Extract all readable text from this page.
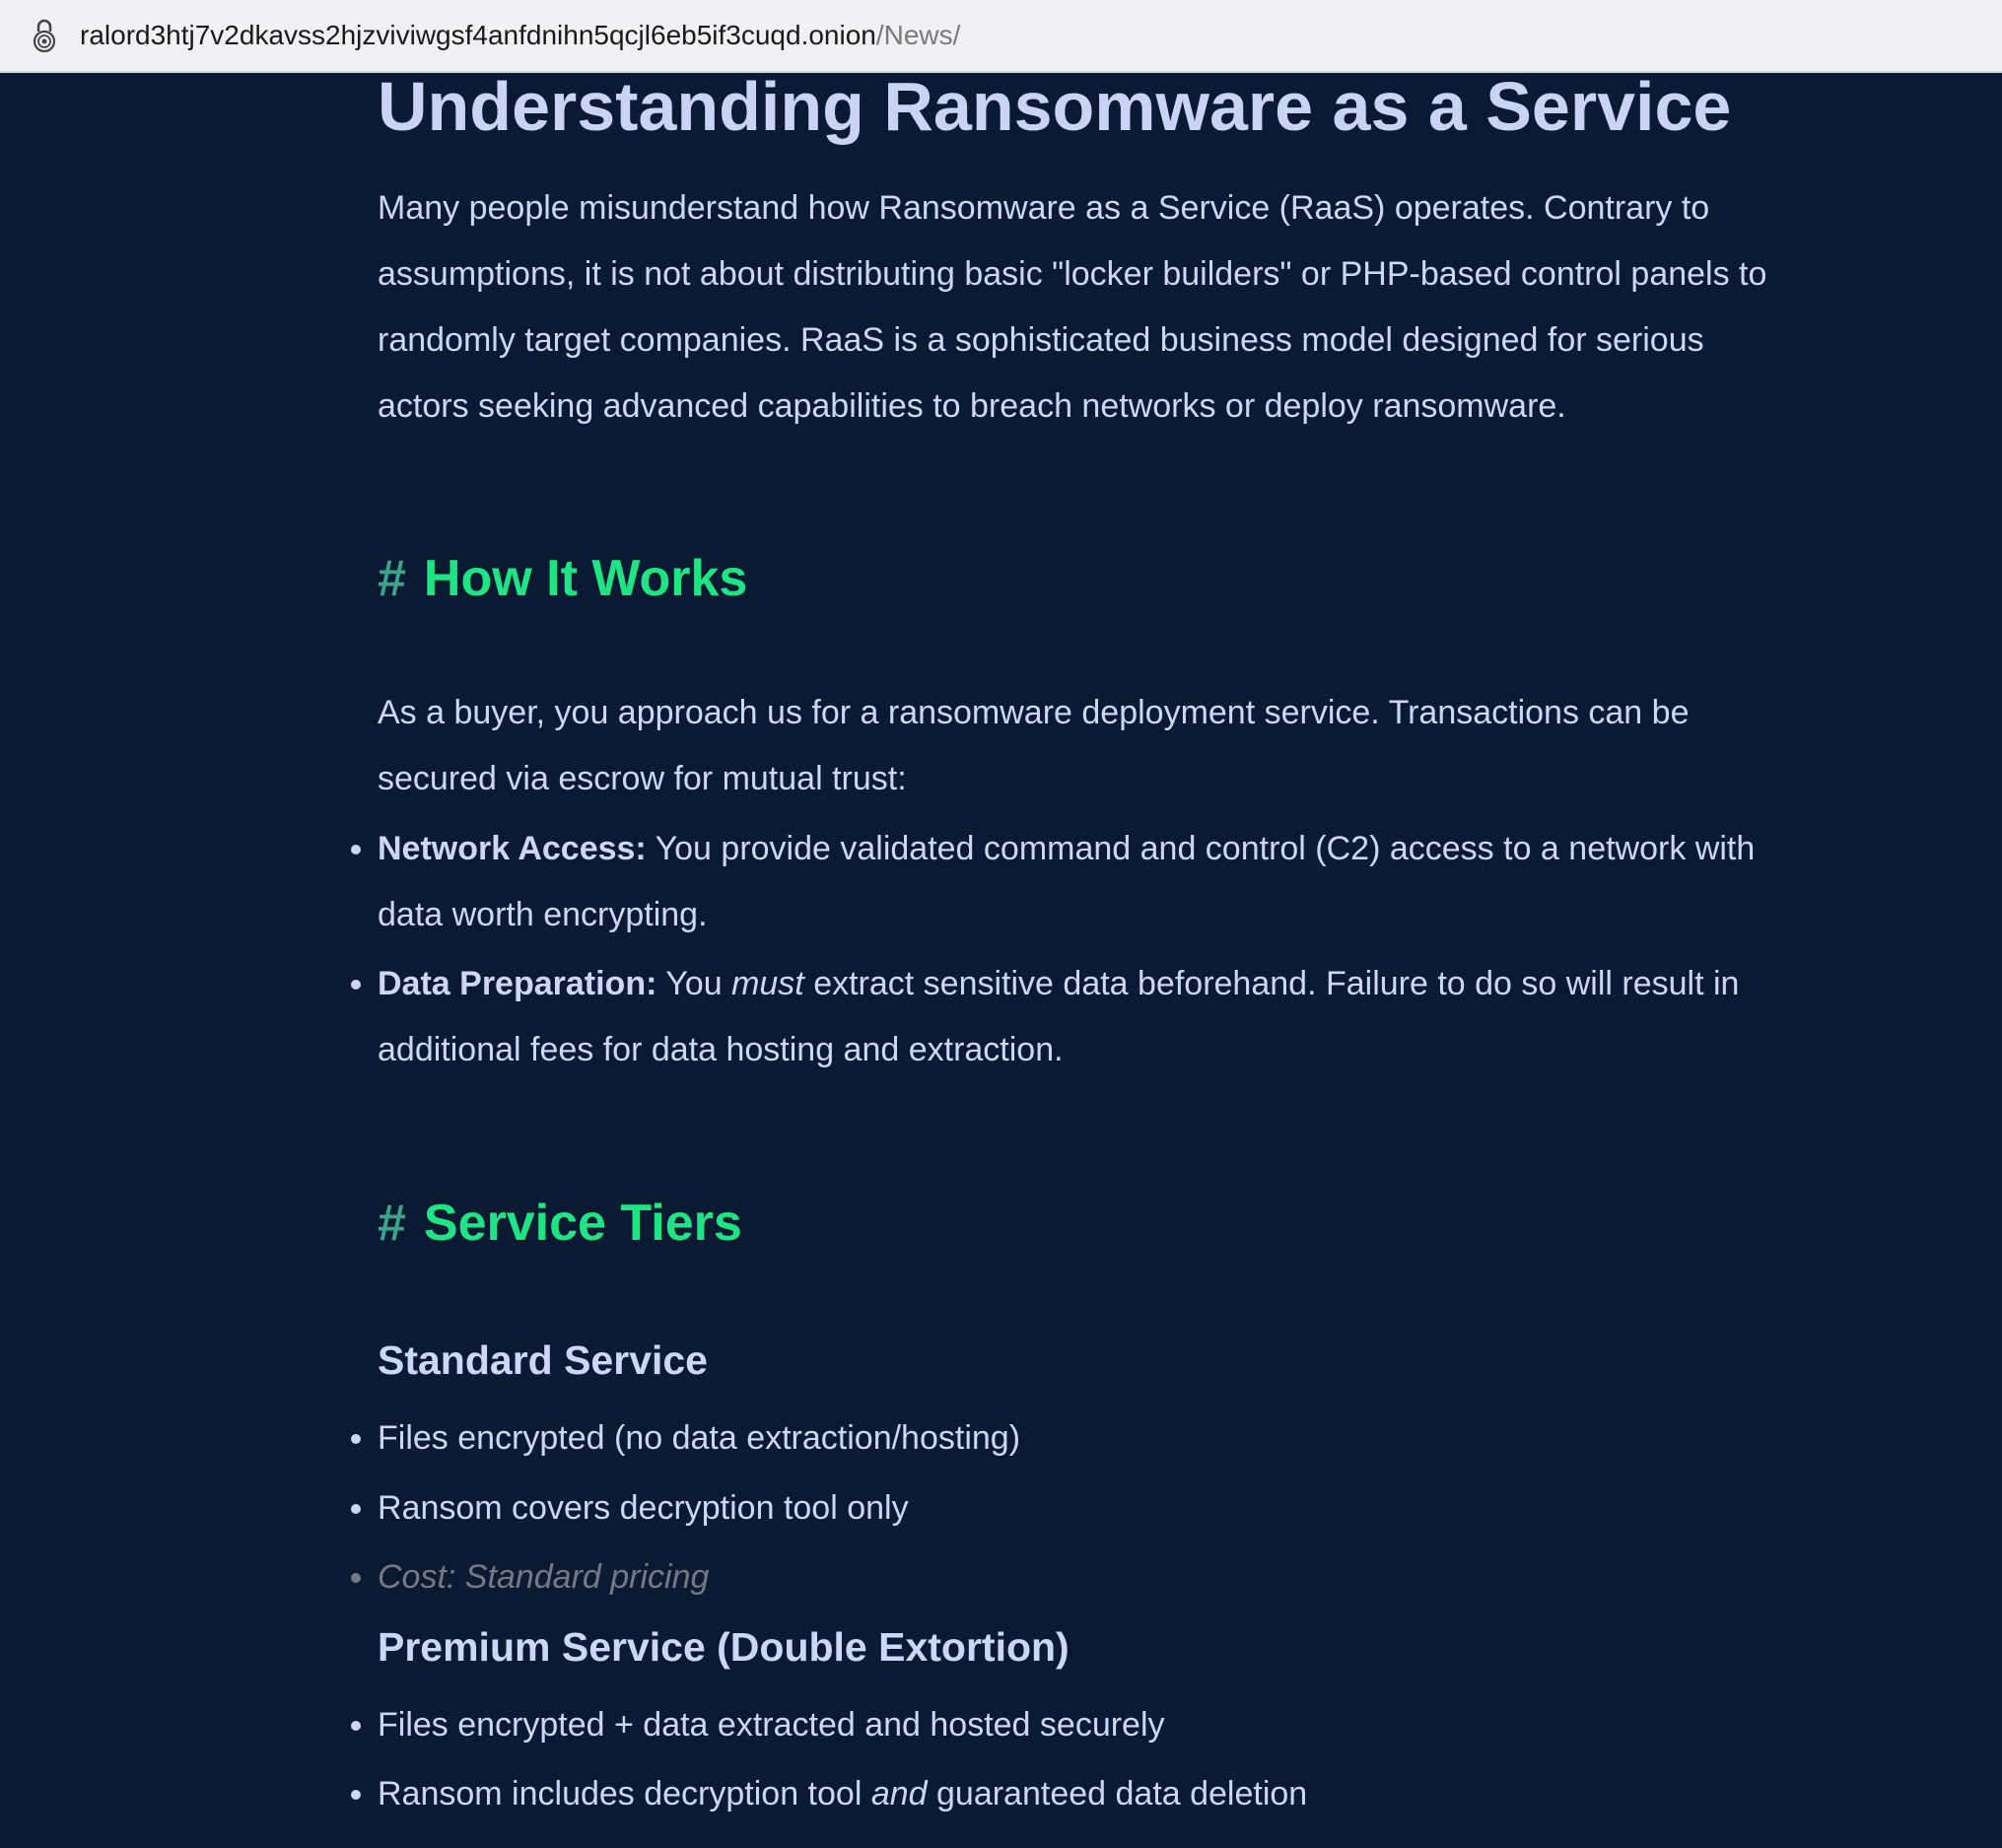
ralord3htj7v2dkavss2hjzviviwgsf4anfdnihn5qcjl6eb5if3cuqd.onion/News/
Understanding Ransomware as a Service
Many people misunderstand how Ransomware as a Service (RaaS) operates. Contrary to
assumptions, it is not about distributing basic "locker builders" or PHP-based control panels to
randomly target companies. RaaS is a sophisticated business model designed for serious
actors seeking advanced capabilities to breach networks or deploy ransomware.
# How It Works
As a buyer, you approach us for a ransomware deployment service. Transactions can be
secured via escrow for mutual trust:
Network Access: You provide validated command and control (C2) access to a network with
data worth encrypting.
Data Preparation: You must extract sensitive data beforehand. Failure to do so will result in
additional fees for data hosting and extraction.
# Service Tiers
Standard Service
Files encrypted (no data extraction/hosting)
Ransom covers decryption tool only
Cost: Standard pricing
Premium Service (Double Extortion)
Files encrypted + data extracted and hosted securely
Ransom includes decryption tool and guaranteed data deletion
